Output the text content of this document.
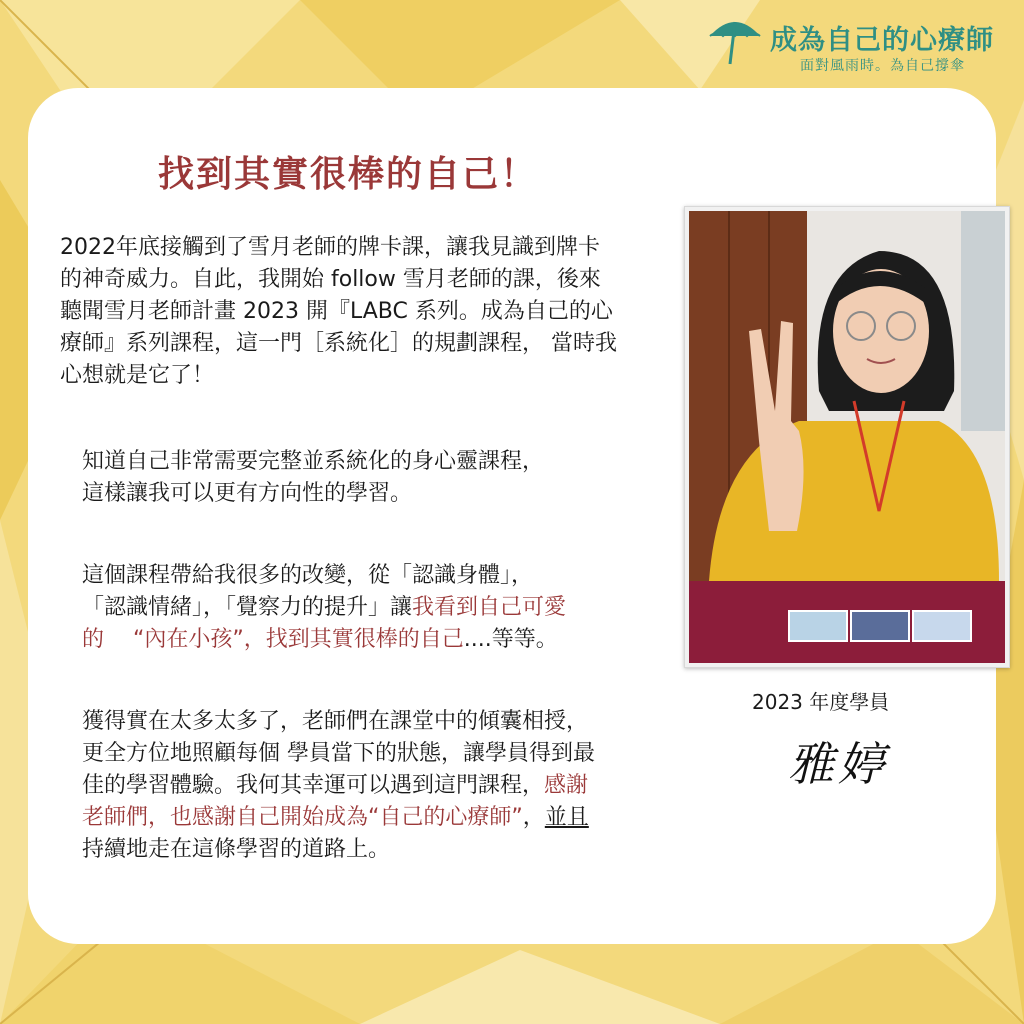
成為自己的心療師
面對風雨時。為自己撐傘
找到其實很棒的自己！
2022年底接觸到了雪月老師的牌卡課，讓我見識到牌卡
的神奇威力。自此，我開始 follow 雪月老師的課，後來
聽聞雪月老師計畫 2023 開『LABC 系列。成為自己的心
療師』系列課程，這一門［系統化］的規劃課程， 當時我
心想就是它了！
知道自己非常需要完整並系統化的身心靈課程，
這樣讓我可以更有方向性的學習。
這個課程帶給我很多的改變，從「認識身體」，
「認識情緒」，「覺察力的提升」讓我看到自己可愛
的　 “內在小孩”，找到其實很棒的自己....等等。
獲得實在太多太多了，老師們在課堂中的傾囊相授，
更全方位地照顧每個 學員當下的狀態，讓學員得到最
佳的學習體驗。我何其幸運可以遇到這門課程，感謝
老師們，也感謝自己開始成為“自己的心療師”，並且
持續地走在這條學習的道路上。
2023 年度學員
雅婷
